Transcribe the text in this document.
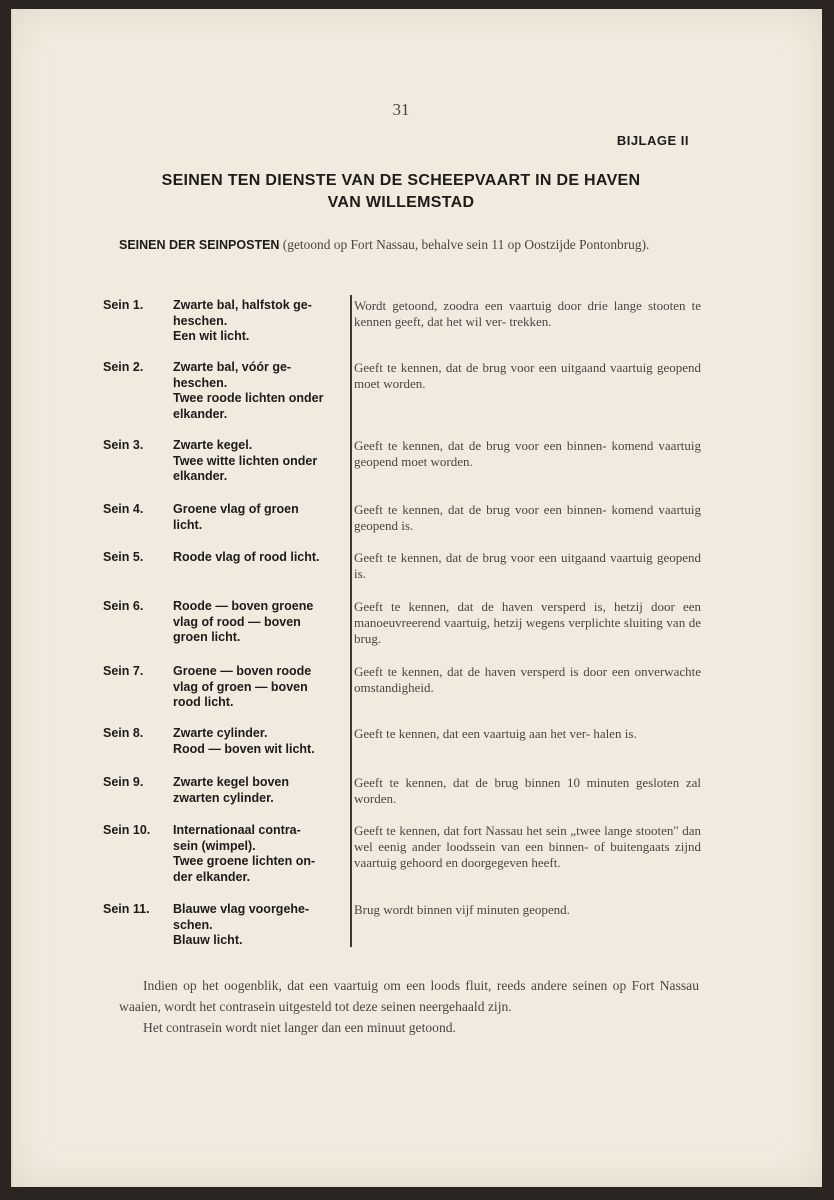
31
BIJLAGE II
SEINEN TEN DIENSTE VAN DE SCHEEPVAART IN DE HAVEN
VAN WILLEMSTAD
SEINEN DER SEINPOSTEN (getoond op Fort Nassau, behalve sein 11 op Oostzijde Pontonbrug).
Sein 1.	Zwarte bal, halfstok ge-
heschen.
Een wit licht.
Wordt getoond, zoodra een vaartuig door drie lange stooten te kennen geeft, dat het wil ver- trekken.
Sein 2.	Zwarte bal, vóór ge-
heschen.
Twee roode lichten onder
elkander.
Geeft te kennen, dat de brug voor een uitgaand vaartuig geopend moet worden.
Sein 3.	Zwarte kegel.
Twee witte lichten onder
elkander.
Geeft te kennen, dat de brug voor een binnen- komend vaartuig geopend moet worden.
Sein 4.	Groene vlag of groen
licht.
Geeft te kennen, dat de brug voor een binnen- komend vaartuig geopend is.
Sein 5.	Roode vlag of rood licht.	Geeft te kennen, dat de brug voor een uitgaand vaartuig geopend is.
Sein 6.	Roode — boven groene
vlag of rood — boven
groen licht.
Geeft te kennen, dat de haven versperd is, hetzij door een manoeuvreerend vaartuig, hetzij wegens verplichte sluiting van de brug.
Sein 7.	Groene — boven roode
vlag of groen — boven
rood licht.
Geeft te kennen, dat de haven versperd is door een onverwachte omstandigheid.
Sein 8.	Zwarte cylinder.
Rood — boven wit licht.
Geeft te kennen, dat een vaartuig aan het ver- halen is.
Sein 9.	Zwarte kegel boven
zwarten cylinder.
Geeft te kennen, dat de brug binnen 10 minuten gesloten zal worden.
Sein 10.	Internationaal contra-
sein (wimpel).
Twee groene lichten on-
der elkander.
Geeft te kennen, dat fort Nassau het sein „twee lange stooten" dan wel eenig ander loodssein van een binnen- of buitengaats zijnd vaartuig gehoord en doorgegeven heeft.
Sein 11.	Blauwe vlag voorgehe-
schen.
Blauw licht.
Brug wordt binnen vijf minuten geopend.

Indien op het oogenblik, dat een vaartuig om een loods fluit, reeds andere seinen op Fort Nassau waaien, wordt het contrasein uitgesteld tot deze seinen neergehaald zijn.

Het contrasein wordt niet langer dan een minuut getoond.
